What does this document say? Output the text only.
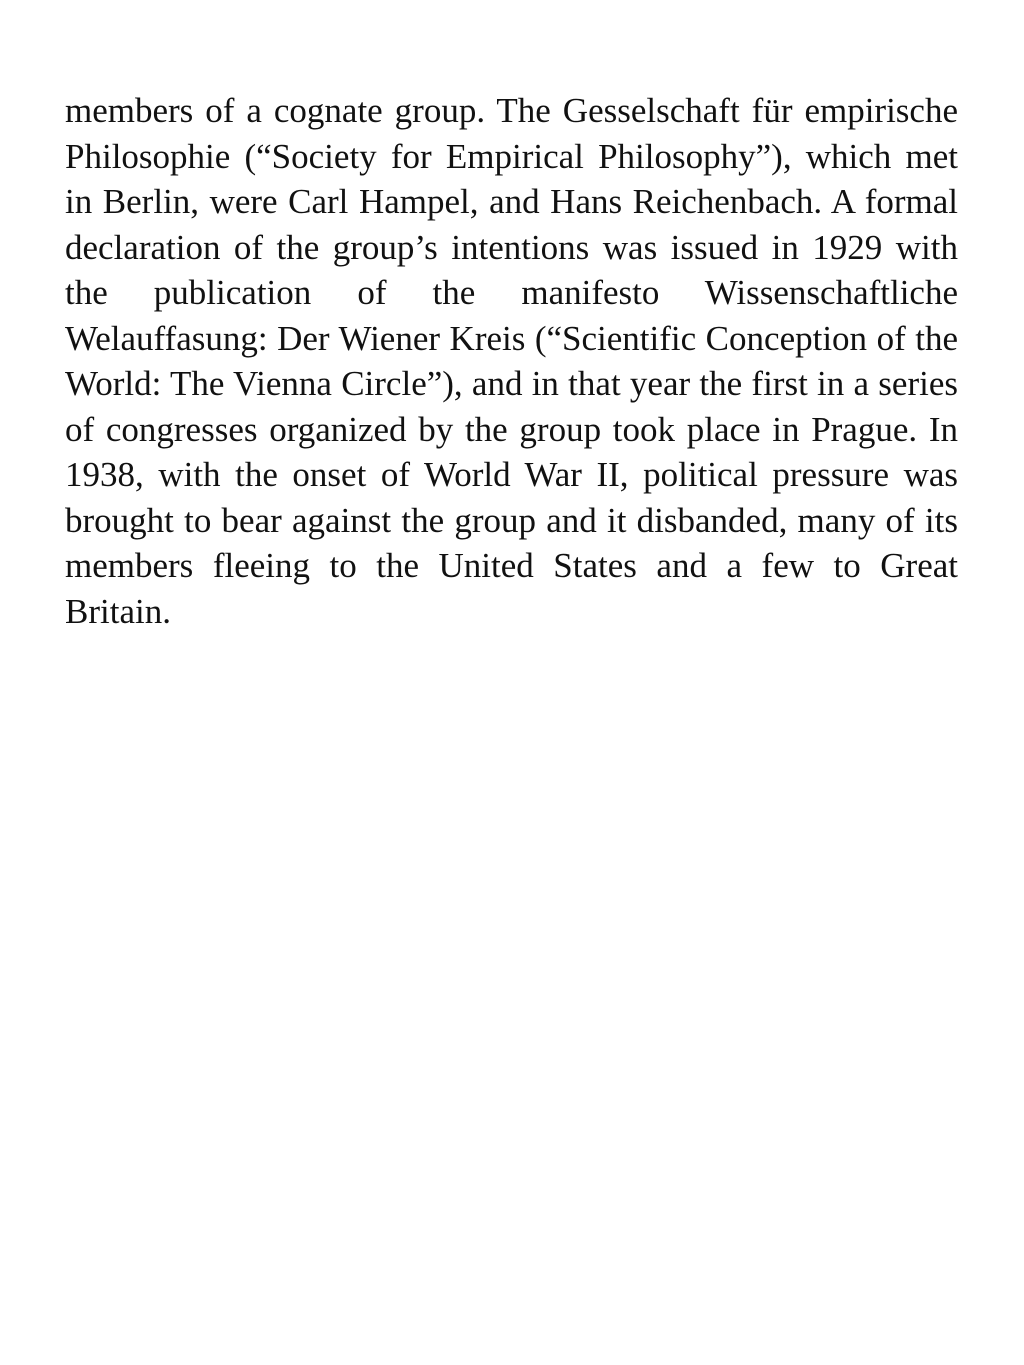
members of a cognate group. The Gesselschaft für empirische Philosophie (“Society for Empirical Philosophy”), which met in Berlin, were Carl Hampel, and Hans Reichenbach. A formal declaration of the group’s intentions was issued in 1929 with the publication of the manifesto Wissenschaftliche Welauffasung: Der Wiener Kreis (“Scientific Conception of the World: The Vienna Circle”), and in that year the first in a series of congresses organized by the group took place in Prague. In 1938, with the onset of World War II, political pressure was brought to bear against the group and it disbanded, many of its members fleeing to the United States and a few to Great Britain.
